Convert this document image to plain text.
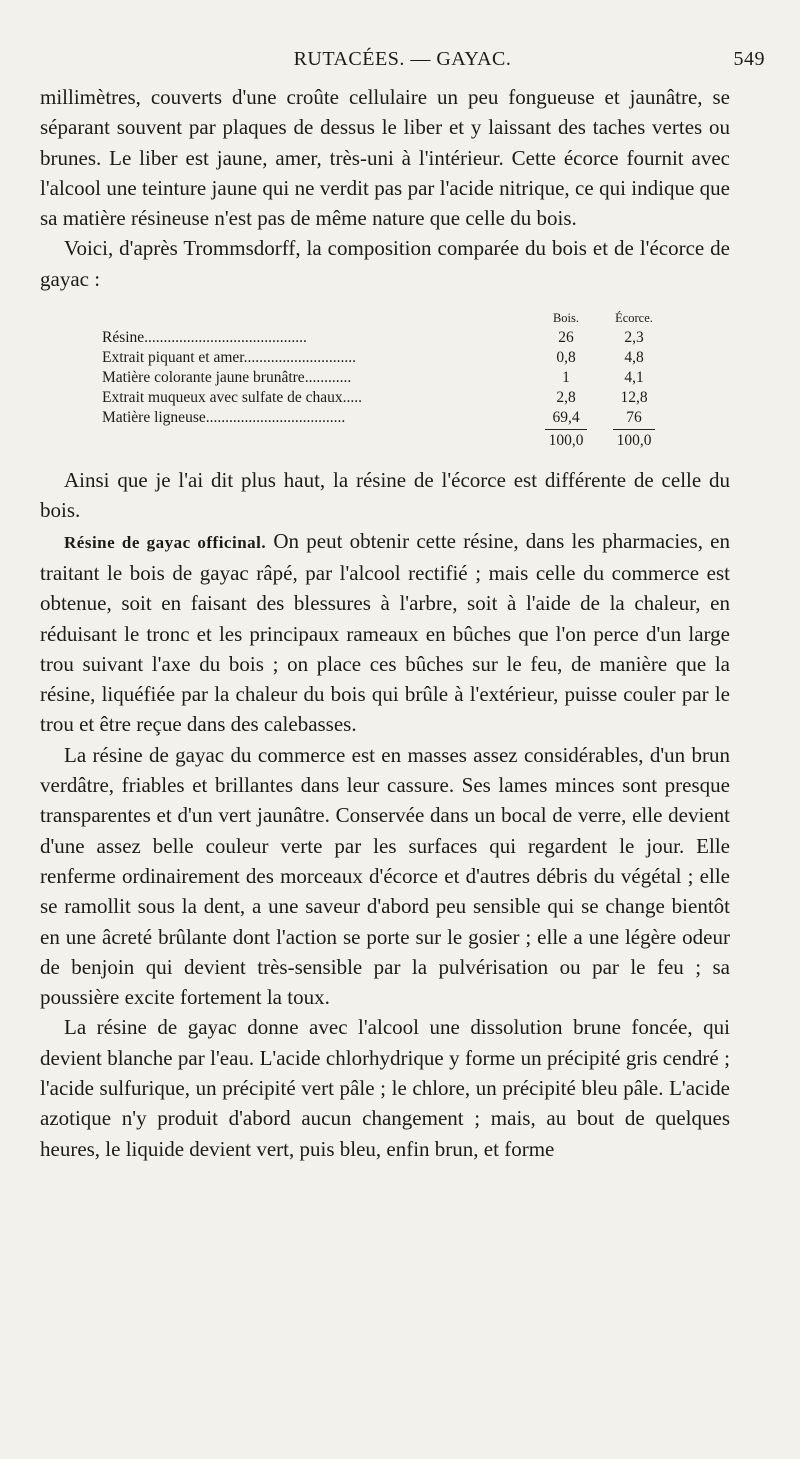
RUTACÉES. — GAYAC.	549

millimètres, couverts d'une croûte cellulaire un peu fongueuse et jaunâtre, se séparant souvent par plaques de dessus le liber et y laissant des taches vertes ou brunes. Le liber est jaune, amer, très-uni à l'intérieur. Cette écorce fournit avec l'alcool une teinture jaune qui ne verdit pas par l'acide nitrique, ce qui indique que sa matière résineuse n'est pas de même nature que celle du bois.

Voici, d'après Trommsdorff, la composition comparée du bois et de l'écorce de gayac :

	Bois.	Écorce.
Résine..........................................	26	2,3
Extrait piquant et amer.............................	0,8	4,8
Matière colorante jaune brunâtre............	1	4,1
Extrait muqueux avec sulfate de chaux.....	2,8	12,8
Matière ligneuse....................................	69,4	76
	100,0	100,0

Ainsi que je l'ai dit plus haut, la résine de l'écorce est différente de celle du bois.

Résine de gayac officinal. On peut obtenir cette résine, dans les pharmacies, en traitant le bois de gayac râpé, par l'alcool rectifié ; mais celle du commerce est obtenue, soit en faisant des blessures à l'arbre, soit à l'aide de la chaleur, en réduisant le tronc et les principaux rameaux en bûches que l'on perce d'un large trou suivant l'axe du bois ; on place ces bûches sur le feu, de manière que la résine, liquéfiée par la chaleur du bois qui brûle à l'extérieur, puisse couler par le trou et être reçue dans des calebasses.

La résine de gayac du commerce est en masses assez considérables, d'un brun verdâtre, friables et brillantes dans leur cassure. Ses lames minces sont presque transparentes et d'un vert jaunâtre. Conservée dans un bocal de verre, elle devient d'une assez belle couleur verte par les surfaces qui regardent le jour. Elle renferme ordinairement des morceaux d'écorce et d'autres débris du végétal ; elle se ramollit sous la dent, a une saveur d'abord peu sensible qui se change bientôt en une âcreté brûlante dont l'action se porte sur le gosier ; elle a une légère odeur de benjoin qui devient très-sensible par la pulvérisation ou par le feu ; sa poussière excite fortement la toux.

La résine de gayac donne avec l'alcool une dissolution brune foncée, qui devient blanche par l'eau. L'acide chlorhydrique y forme un précipité gris cendré ; l'acide sulfurique, un précipité vert pâle ; le chlore, un précipité bleu pâle. L'acide azotique n'y produit d'abord aucun changement ; mais, au bout de quelques heures, le liquide devient vert, puis bleu, enfin brun, et forme
